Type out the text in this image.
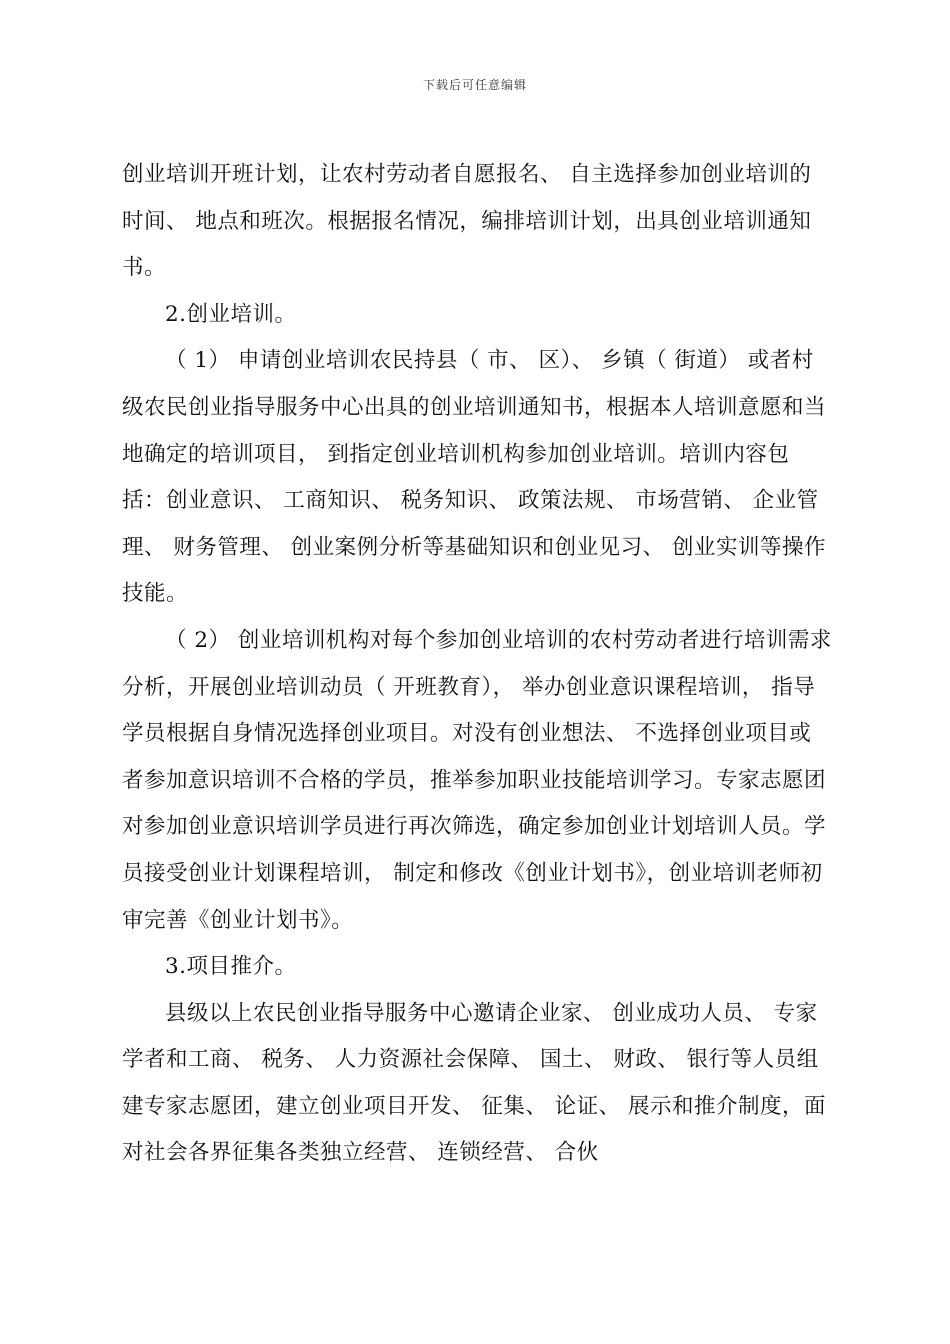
下载后可任意编辑

创业培训开班计划，让农村劳动者自愿报名、 自主选择参加创业培训的时间、 地点和班次。根据报名情况，编排培训计划，出具创业培训通知书。

2.创业培训。

（ 1） 申请创业培训农民持县（ 市、 区）、 乡镇（ 街道） 或者村级农民创业指导服务中心出具的创业培训通知书，根据本人培训意愿和当地确定的培训项目， 到指定创业培训机构参加创业培训。培训内容包括：创业意识、 工商知识、 税务知识、 政策法规、 市场营销、 企业管理、 财务管理、 创业案例分析等基础知识和创业见习、 创业实训等操作技能。

（ 2） 创业培训机构对每个参加创业培训的农村劳动者进行培训需求分析，开展创业培训动员（ 开班教育）， 举办创业意识课程培训， 指导学员根据自身情况选择创业项目。对没有创业想法、 不选择创业项目或者参加意识培训不合格的学员，推举参加职业技能培训学习。专家志愿团对参加创业意识培训学员进行再次筛选，确定参加创业计划培训人员。学员接受创业计划课程培训， 制定和修改《创业计划书》，创业培训老师初审完善《创业计划书》。

3.项目推介。

县级以上农民创业指导服务中心邀请企业家、 创业成功人员、 专家学者和工商、 税务、 人力资源社会保障、 国土、 财政、 银行等人员组建专家志愿团，建立创业项目开发、 征集、 论证、 展示和推介制度，面对社会各界征集各类独立经营、 连锁经营、 合伙
